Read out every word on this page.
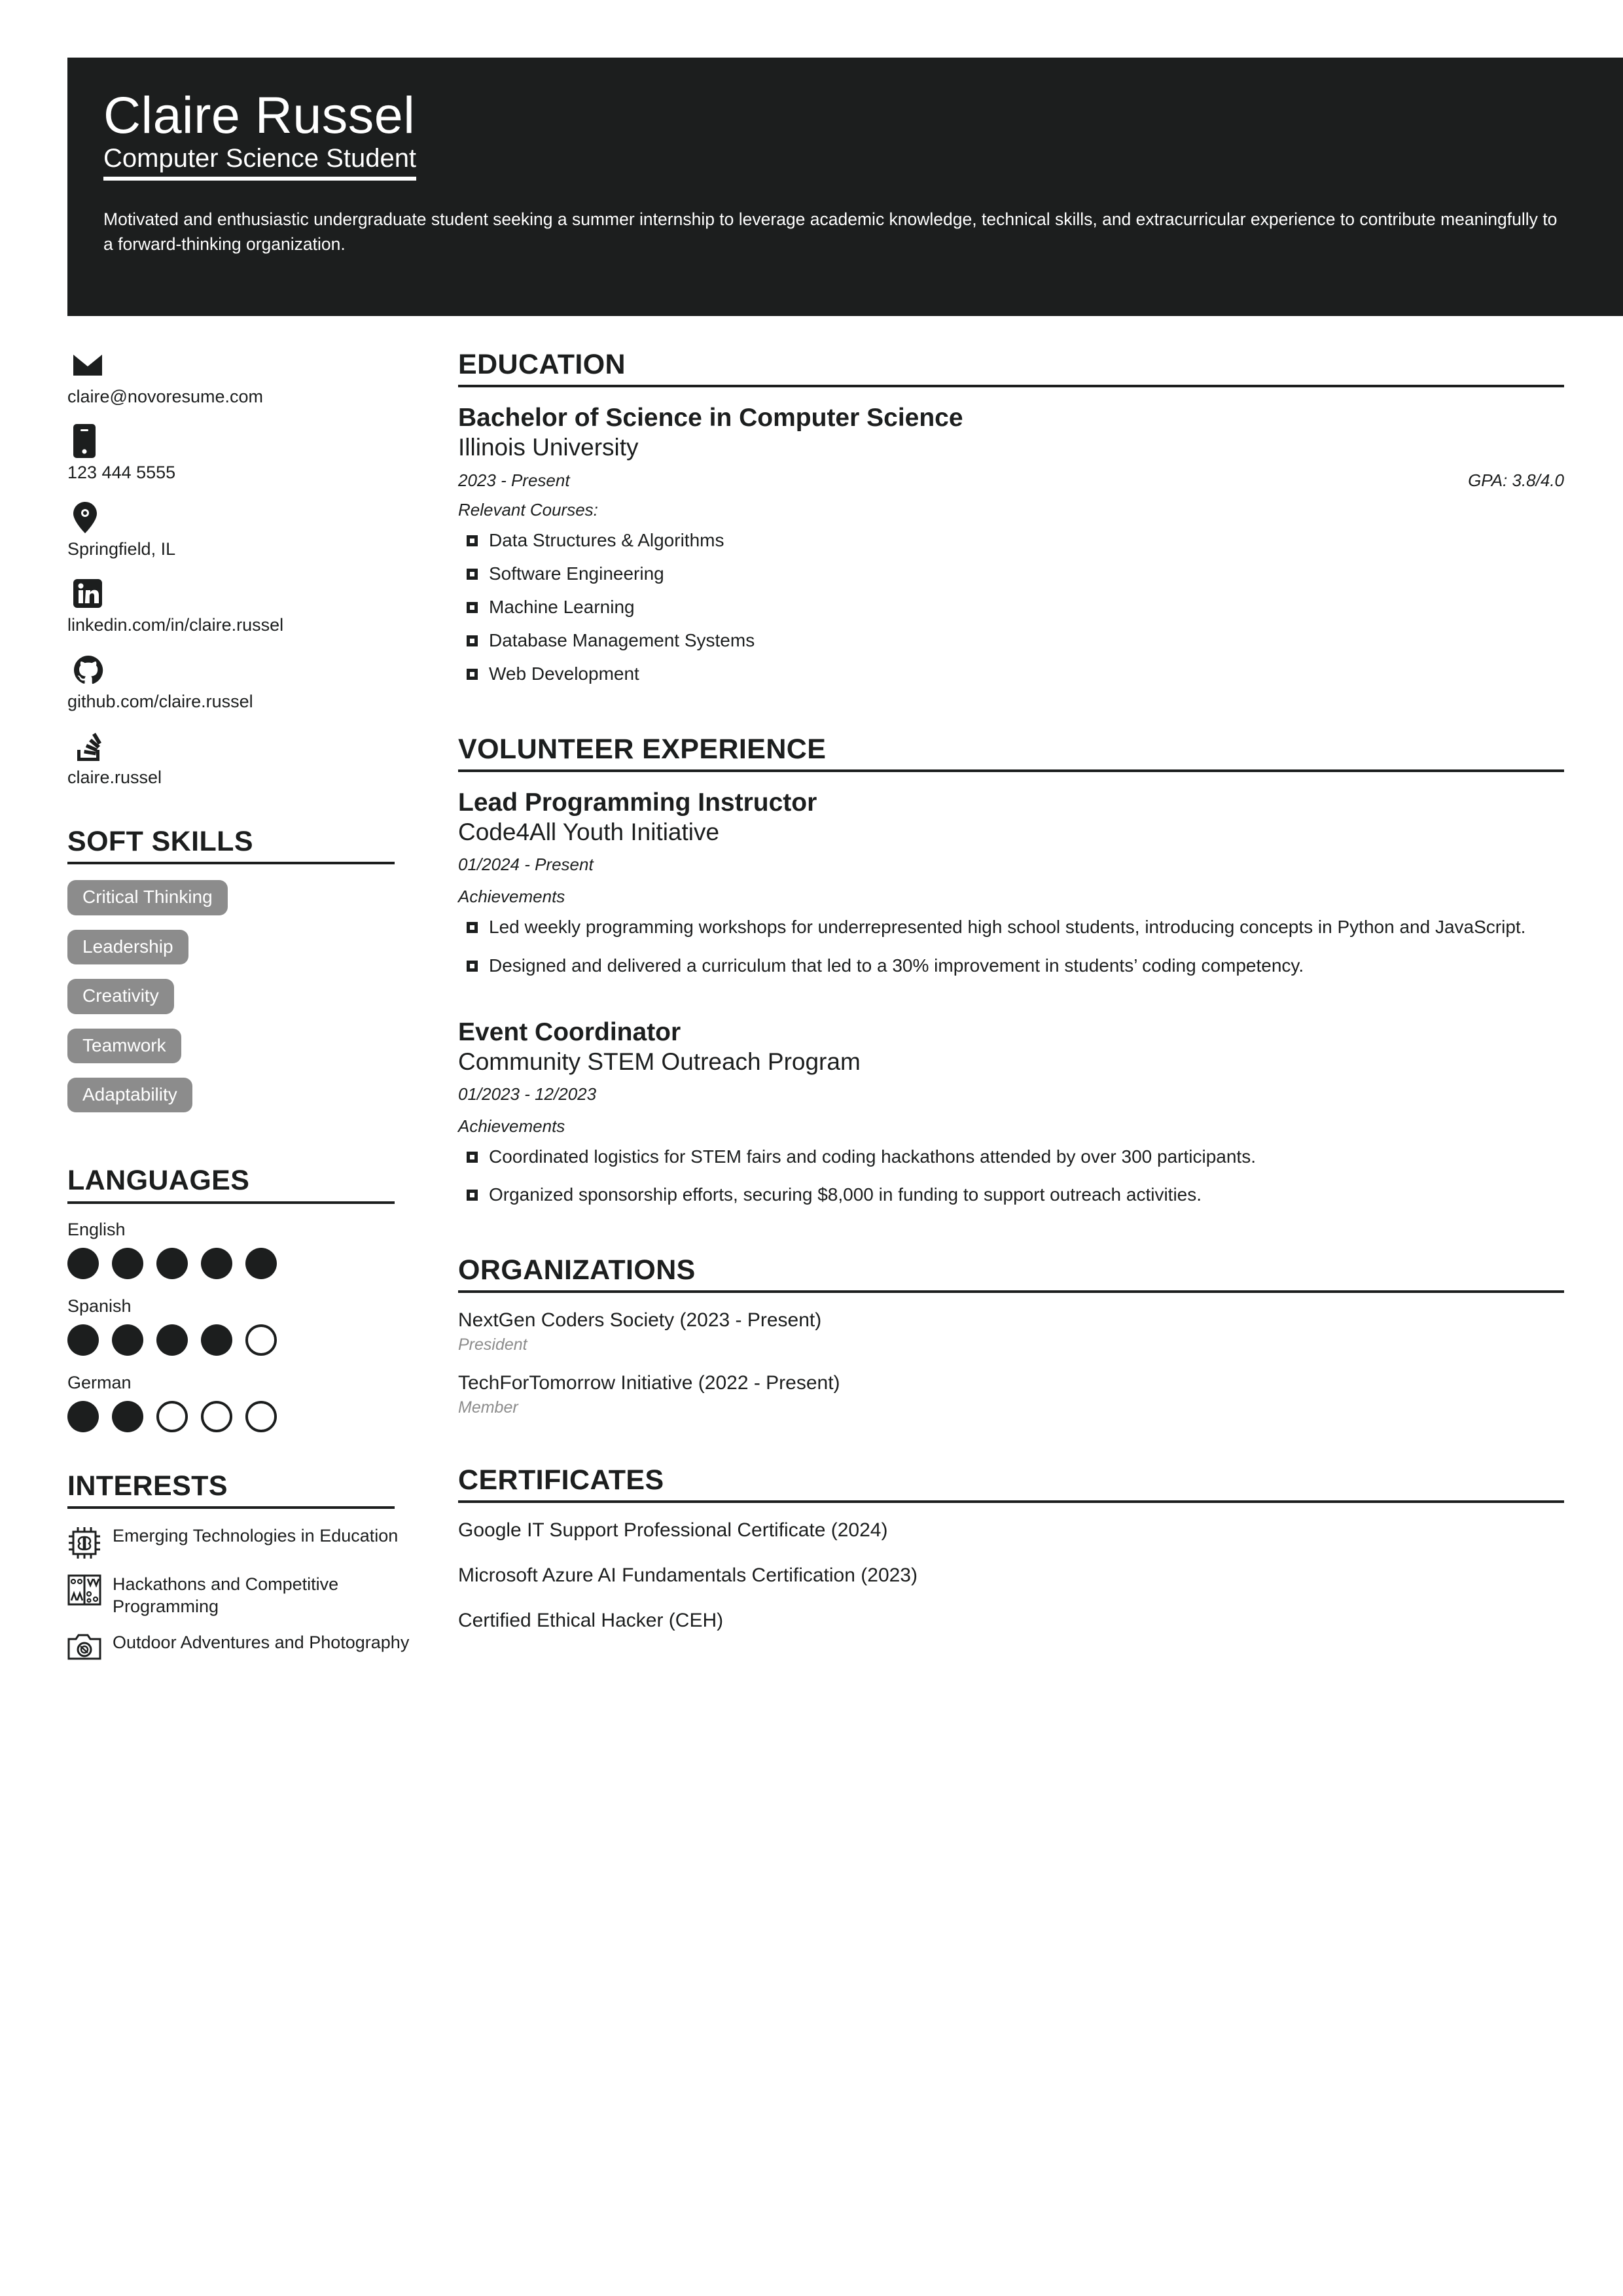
Claire Russel
Computer Science Student
Motivated and enthusiastic undergraduate student seeking a summer internship to leverage academic knowledge, technical skills, and extracurricular experience to contribute meaningfully to a forward-thinking organization.
claire@novoresume.com
123 444 5555
Springfield, IL
linkedin.com/in/claire.russel
github.com/claire.russel
claire.russel
SOFT SKILLS
Critical Thinking
Leadership
Creativity
Teamwork
Adaptability
LANGUAGES
English
Spanish
German
INTERESTS
Emerging Technologies in Education
Hackathons and Competitive Programming
Outdoor Adventures and Photography
EDUCATION
Bachelor of Science in Computer Science
Illinois University
2023 - Present	GPA: 3.8/4.0
Relevant Courses:
Data Structures & Algorithms
Software Engineering
Machine Learning
Database Management Systems
Web Development
VOLUNTEER EXPERIENCE
Lead Programming Instructor
Code4All Youth Initiative
01/2024 - Present
Achievements
Led weekly programming workshops for underrepresented high school students, introducing concepts in Python and JavaScript.
Designed and delivered a curriculum that led to a 30% improvement in students’ coding competency.
Event Coordinator
Community STEM Outreach Program
01/2023 - 12/2023
Achievements
Coordinated logistics for STEM fairs and coding hackathons attended by over 300 participants.
Organized sponsorship efforts, securing $8,000 in funding to support outreach activities.
ORGANIZATIONS
NextGen Coders Society (2023 - Present)
President
TechForTomorrow Initiative (2022 - Present)
Member
CERTIFICATES
Google IT Support Professional Certificate (2024)
Microsoft Azure AI Fundamentals Certification (2023)
Certified Ethical Hacker (CEH)
